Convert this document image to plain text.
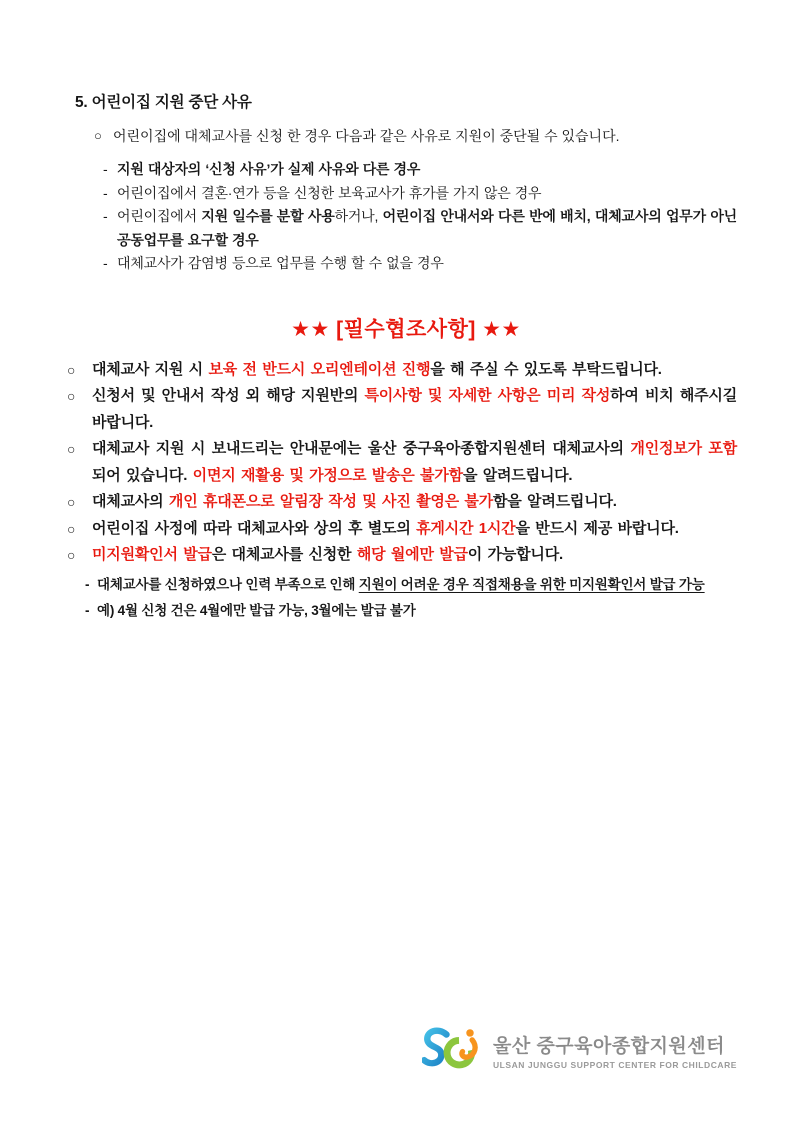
5. 어린이집 지원 중단 사유
○ 어린이집에 대체교사를 신청 한 경우 다음과 같은 사유로 지원이 중단될 수 있습니다.

- 지원 대상자의 ‘신청 사유’가 실제 사유와 다른 경우

- 어린이집에서 결혼·연가 등을 신청한 보육교사가 휴가를 가지 않은 경우

- 어린이집에서 지원 일수를 분할 사용하거나, 어린이집 안내서와 다른 반에 배치, 대체교사의 업무가 아닌 공동업무를 요구할 경우

- 대체교사가 감염병 등으로 업무를 수행 할 수 없을 경우

★★ [필수협조사항] ★★
○	대체교사 지원 시 보육 전 반드시 오리엔테이션 진행을 해 주실 수 있도록 부탁드립니다.

○	신청서 및 안내서 작성 외 해당 지원반의 특이사항 및 자세한 사항은 미리 작성하여 비치 해주시길 바랍니다.

○	대체교사 지원 시 보내드리는 안내문에는 울산 중구육아종합지원센터 대체교사의 개인정보가 포함되어 있습니다. 이면지 재활용 및 가정으로 발송은 불가함을 알려드립니다.

○	대체교사의 개인 휴대폰으로 알림장 작성 및 사진 촬영은 불가함을 알려드립니다.

○	어린이집 사정에 따라 대체교사와 상의 후 별도의 휴게시간 1시간을 반드시 제공 바랍니다.

○	미지원확인서 발급은 대체교사를 신청한 해당 월에만 발급이 가능합니다.

- 대체교사를 신청하였으나 인력 부족으로 인해 지원이 어려운 경우 직접채용을 위한 미지원확인서 발급 가능

- 예) 4월 신청 건은 4월에만 발급 가능, 3월에는 발급 불가

울산 중구육아종합지원센터
ULSAN JUNGGU SUPPORT CENTER FOR CHILDCARE
